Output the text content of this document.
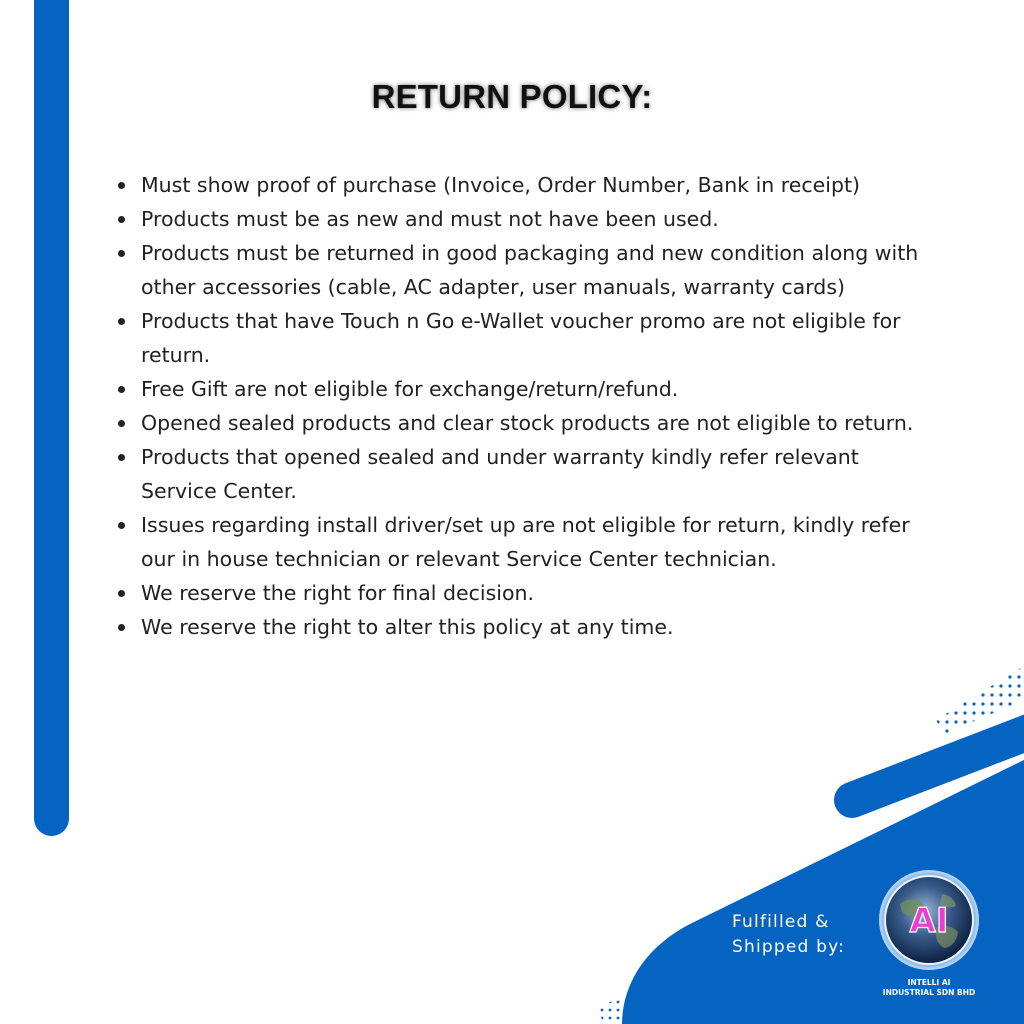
RETURN POLICY:
Must show proof of purchase (Invoice, Order Number, Bank in receipt)
Products must be as new and must not have been used.
Products must be returned in good packaging and new condition along with other accessories (cable, AC adapter, user manuals, warranty cards)
Products that have Touch n Go e-Wallet voucher promo are not eligible for return.
Free Gift are not eligible for exchange/return/refund.
Opened sealed products and clear stock products are not eligible to return.
Products that opened sealed and under warranty kindly refer relevant Service Center.
Issues regarding install driver/set up are not eligible for return, kindly refer our in house technician or relevant Service Center technician.
We reserve the right for final decision.
We reserve the right to alter this policy at any time.
Fulfilled &
Shipped by:
AI
INTELLI AI
INDUSTRIAL SDN BHD
